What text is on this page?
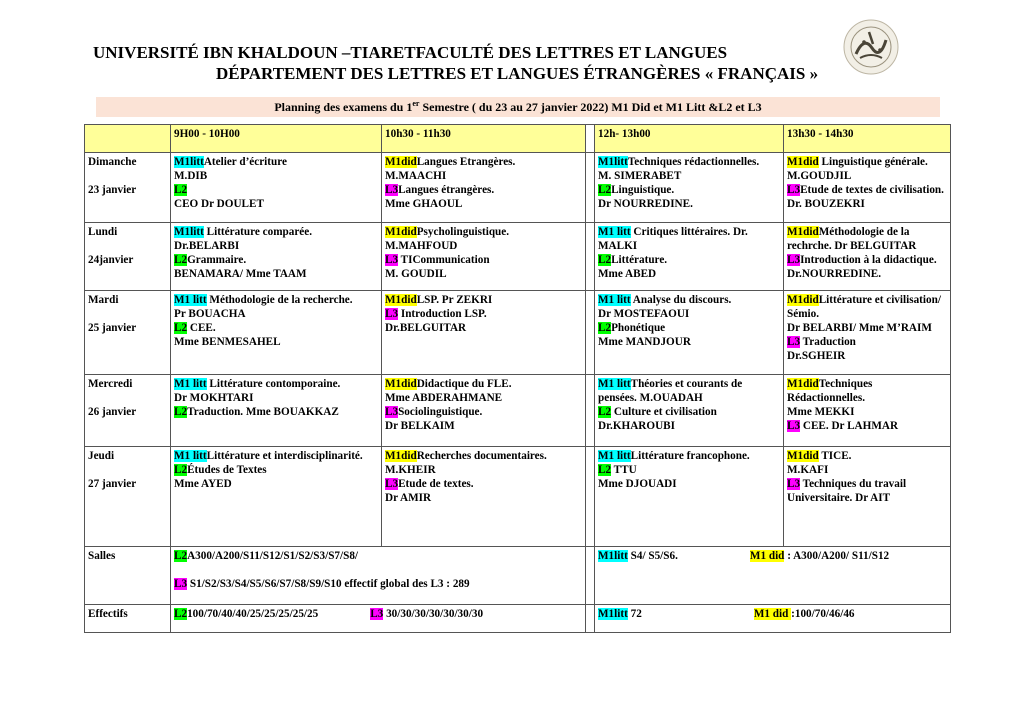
UNIVERSITÉ IBN KHALDOUN –TIARETFACULTÉ DES LETTRES ET LANGUES
DÉPARTEMENT DES LETTRES ET LANGUES ÉTRANGÈRES « FRANÇAIS »
Planning des examens du 1er Semestre ( du 23 au 27 janvier 2022) M1 Did et M1 Litt &L2 et L3
	9H00 - 10H00	10h30 - 11h30		12h- 13h00	13h30 - 14h30

Dimanche

23 janvier	M1littAtelier d’écriture
M.DIB
L2
CEO Dr DOULET	M1didLangues Etrangères.
M.MAACHI
L3Langues étrangères.
Mme GHAOUL		M1littTechniques rédactionnelles.
M. SIMERABET
L2Linguistique.
Dr NOURREDINE.	M1did Linguistique générale.
M.GOUDJIL
L3Etude de textes de civilisation.
Dr. BOUZEKRI

Lundi

24janvier	M1litt Littérature comparée.
Dr.BELARBI
L2Grammaire.
BENAMARA/ Mme TAAM	M1didPsycholinguistique.
M.MAHFOUD
L3 TICommunication
M. GOUDIL		M1 litt Critiques littéraires. Dr. MALKI
L2Littérature.
Mme ABED	M1didMéthodologie de la rechrche. Dr BELGUITAR
L3Introduction à la didactique.
Dr.NOURREDINE.

Mardi

25 janvier	M1 litt Méthodologie de la recherche.
Pr BOUACHA
L2 CEE.
Mme BENMESAHEL	M1didLSP. Pr ZEKRI
L3 Introduction LSP.
Dr.BELGUITAR		M1 litt Analyse du discours.
Dr MOSTEFAOUI
L2Phonétique
Mme MANDJOUR	M1didLittérature et civilisation/ Sémio.
Dr BELARBI/ Mme M’RAIM
L3 Traduction
Dr.SGHEIR

Mercredi

26 janvier	M1 litt Littérature contomporaine.
Dr MOKHTARI
L2Traduction. Mme BOUAKKAZ	M1didDidactique du FLE.
Mme ABDERAHMANE
L3Sociolinguistique.
Dr BELKAIM		M1 littThéories et courants de pensées. M.OUADAH
L2 Culture et civilisation
Dr.KHAROUBI	M1didTechniques Rédactionnelles.
Mme MEKKI
L3 CEE. Dr LAHMAR

Jeudi

27 janvier	M1 littLittérature et interdisciplinarité.
L2Études de Textes
Mme AYED	M1didRecherches documentaires.
M.KHEIR
L3Etude de textes.
Dr AMIR		M1 littLittérature francophone.
L2 TTU
Mme DJOUADI	M1did TICE.
M.KAFI
L3 Techniques du travail Universitaire. Dr AIT

Salles	L2A300/A200/S11/S12/S1/S2/S3/S7/S8/

L3 S1/S2/S3/S4/S5/S6/S7/S8/S9/S10 effectif global des L3 : 289			M1litt S4/ S5/S6. M1 did : A300/A200/ S11/S12	

Effectifs	L2100/70/40/40/25/25/25/25/25 L3 30/30/30/30/30/30/30			M1litt 72 M1 did :100/70/46/46	
